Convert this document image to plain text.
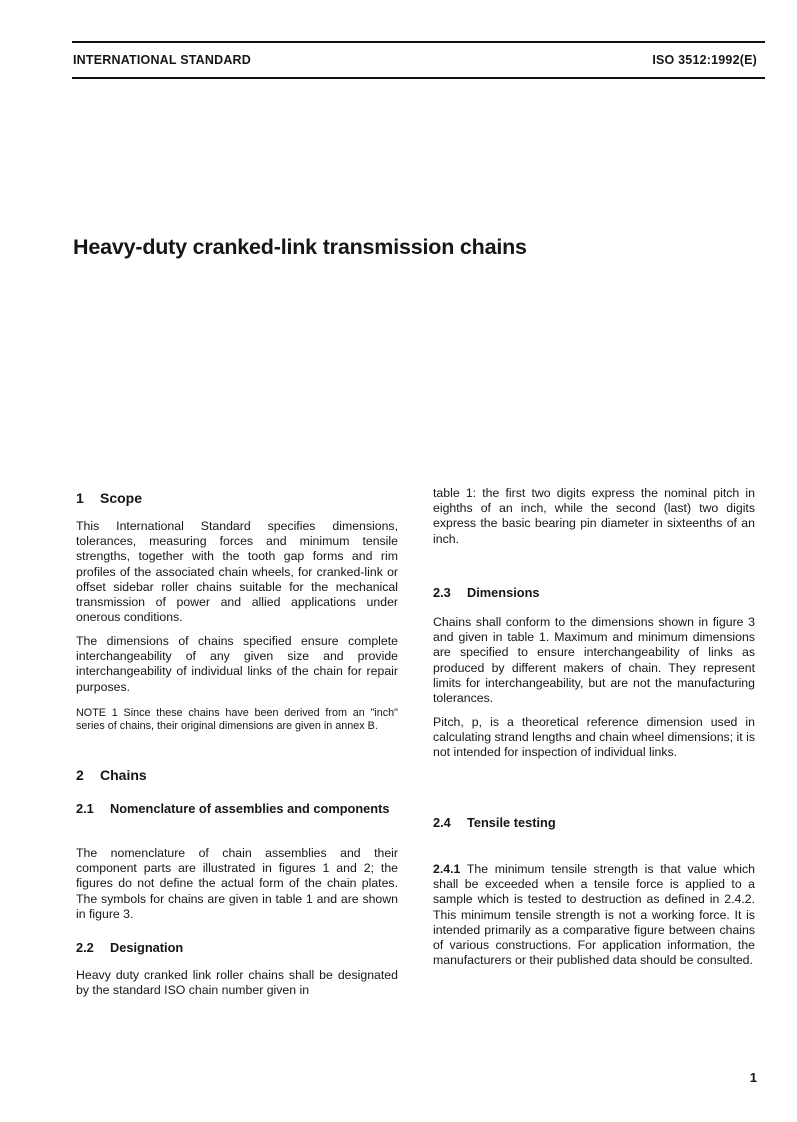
INTERNATIONAL STANDARD	ISO 3512:1992(E)
Heavy-duty cranked-link transmission chains
1 Scope
This International Standard specifies dimensions, tolerances, measuring forces and minimum tensile strengths, together with the tooth gap forms and rim profiles of the associated chain wheels, for cranked-link or offset sidebar roller chains suitable for the mechanical transmission of power and allied applications under onerous conditions.
The dimensions of chains specified ensure complete interchangeability of any given size and provide interchangeability of individual links of the chain for repair purposes.
NOTE 1 Since these chains have been derived from an "inch" series of chains, their original dimensions are given in annex B.
2 Chains
2.1 Nomenclature of assemblies and components
The nomenclature of chain assemblies and their component parts are illustrated in figures 1 and 2; the figures do not define the actual form of the chain plates. The symbols for chains are given in table 1 and are shown in figure 3.
2.2 Designation
Heavy duty cranked link roller chains shall be designated by the standard ISO chain number given in
table 1: the first two digits express the nominal pitch in eighths of an inch, while the second (last) two digits express the basic bearing pin diameter in sixteenths of an inch.
2.3 Dimensions
Chains shall conform to the dimensions shown in figure 3 and given in table 1. Maximum and minimum dimensions are specified to ensure interchangeability of links as produced by different makers of chain. They represent limits for interchangeability, but are not the manufacturing tolerances.
Pitch, p, is a theoretical reference dimension used in calculating strand lengths and chain wheel dimensions; it is not intended for inspection of individual links.
2.4 Tensile testing
2.4.1 The minimum tensile strength is that value which shall be exceeded when a tensile force is applied to a sample which is tested to destruction as defined in 2.4.2. This minimum tensile strength is not a working force. It is intended primarily as a comparative figure between chains of various constructions. For application information, the manufacturers or their published data should be consulted.
1
